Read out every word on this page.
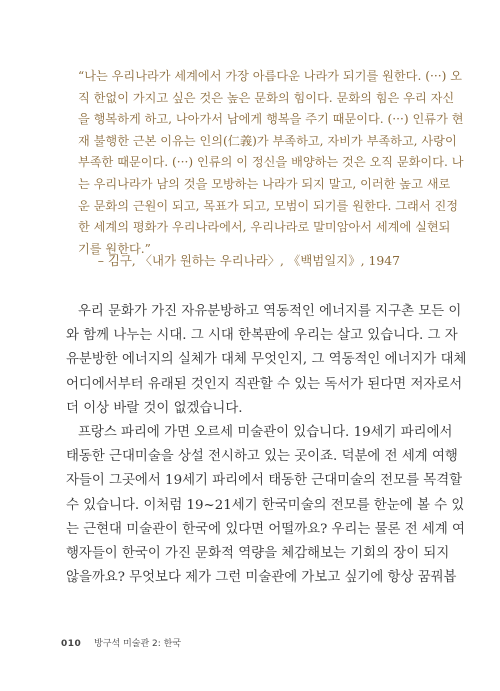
“나는 우리나라가 세계에서 가장 아름다운 나라가 되기를 원한다. (···) 오
직 한없이 가지고 싶은 것은 높은 문화의 힘이다. 문화의 힘은 우리 자신
을 행복하게 하고, 나아가서 남에게 행복을 주기 때문이다. (···) 인류가 현
재 불행한 근본 이유는 인의(仁義)가 부족하고, 자비가 부족하고, 사랑이
부족한 때문이다. (···) 인류의 이 정신을 배양하는 것은 오직 문화이다. 나
는 우리나라가 남의 것을 모방하는 나라가 되지 말고, 이러한 높고 새로
운 문화의 근원이 되고, 목표가 되고, 모범이 되기를 원한다. 그래서 진정
한 세계의 평화가 우리나라에서, 우리나라로 말미암아서 세계에 실현되
기를 원한다.”
– 김구, 〈내가 원하는 우리나라〉, 《백범일지》, 1947
우리 문화가 가진 자유분방하고 역동적인 에너지를 지구촌 모든 이
와 함께 나누는 시대. 그 시대 한복판에 우리는 살고 있습니다. 그 자
유분방한 에너지의 실체가 대체 무엇인지, 그 역동적인 에너지가 대체
어디에서부터 유래된 것인지 직관할 수 있는 독서가 된다면 저자로서
더 이상 바랄 것이 없겠습니다.
프랑스 파리에 가면 오르세 미술관이 있습니다. 19세기 파리에서
태동한 근대미술을 상설 전시하고 있는 곳이죠. 덕분에 전 세계 여행
자들이 그곳에서 19세기 파리에서 태동한 근대미술의 전모를 목격할
수 있습니다. 이처럼 19~21세기 한국미술의 전모를 한눈에 볼 수 있
는 근현대 미술관이 한국에 있다면 어떨까요? 우리는 물론 전 세계 여
행자들이 한국이 가진 문화적 역량을 체감해보는 기회의 장이 되지
않을까요? 무엇보다 제가 그런 미술관에 가보고 싶기에 항상 꿈꿔봅
010 방구석 미술관 2: 한국
